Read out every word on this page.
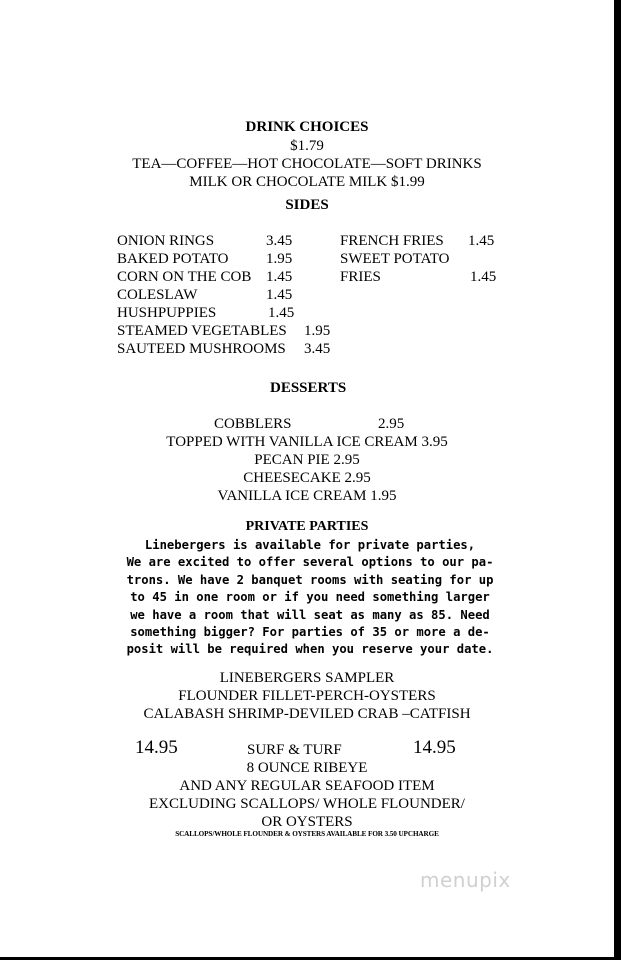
DRINK CHOICES
$1.79
TEA—COFFEE—HOT CHOCOLATE—SOFT DRINKS
MILK OR CHOCOLATE MILK $1.99
SIDES
ONION RINGS	3.45
BAKED POTATO	1.95
CORN ON THE COB 1.45
COLESLAW	1.45
HUSHPUPPIES	1.45
STEAMED VEGETABLES 1.95
SAUTEED MUSHROOMS 3.45
FRENCH FRIES 1.45
SWEET POTATO
FRIES	1.45
DESSERTS
COBBLERS	2.95
TOPPED WITH VANILLA ICE CREAM 3.95
PECAN PIE 2.95
CHEESECAKE 2.95
VANILLA ICE CREAM 1.95
PRIVATE PARTIES
Linebergers is available for private parties,
We are excited to offer several options to our pa-
trons. We have 2 banquet rooms with seating for up
to 45 in one room or if you need something larger
we have a room that will seat as many as 85. Need
something bigger? For parties of 35 or more a de-
posit will be required when you reserve your date.
LINEBERGERS SAMPLER
FLOUNDER FILLET-PERCH-OYSTERS
CALABASH SHRIMP-DEVILED CRAB –CATFISH
14.95	SURF & TURF	14.95
8 OUNCE RIBEYE
AND ANY REGULAR SEAFOOD ITEM
EXCLUDING SCALLOPS/ WHOLE FLOUNDER/
OR OYSTERS
SCALLOPS/WHOLE FLOUNDER & OYSTERS AVAILABLE FOR 3.50 UPCHARGE
menupix
